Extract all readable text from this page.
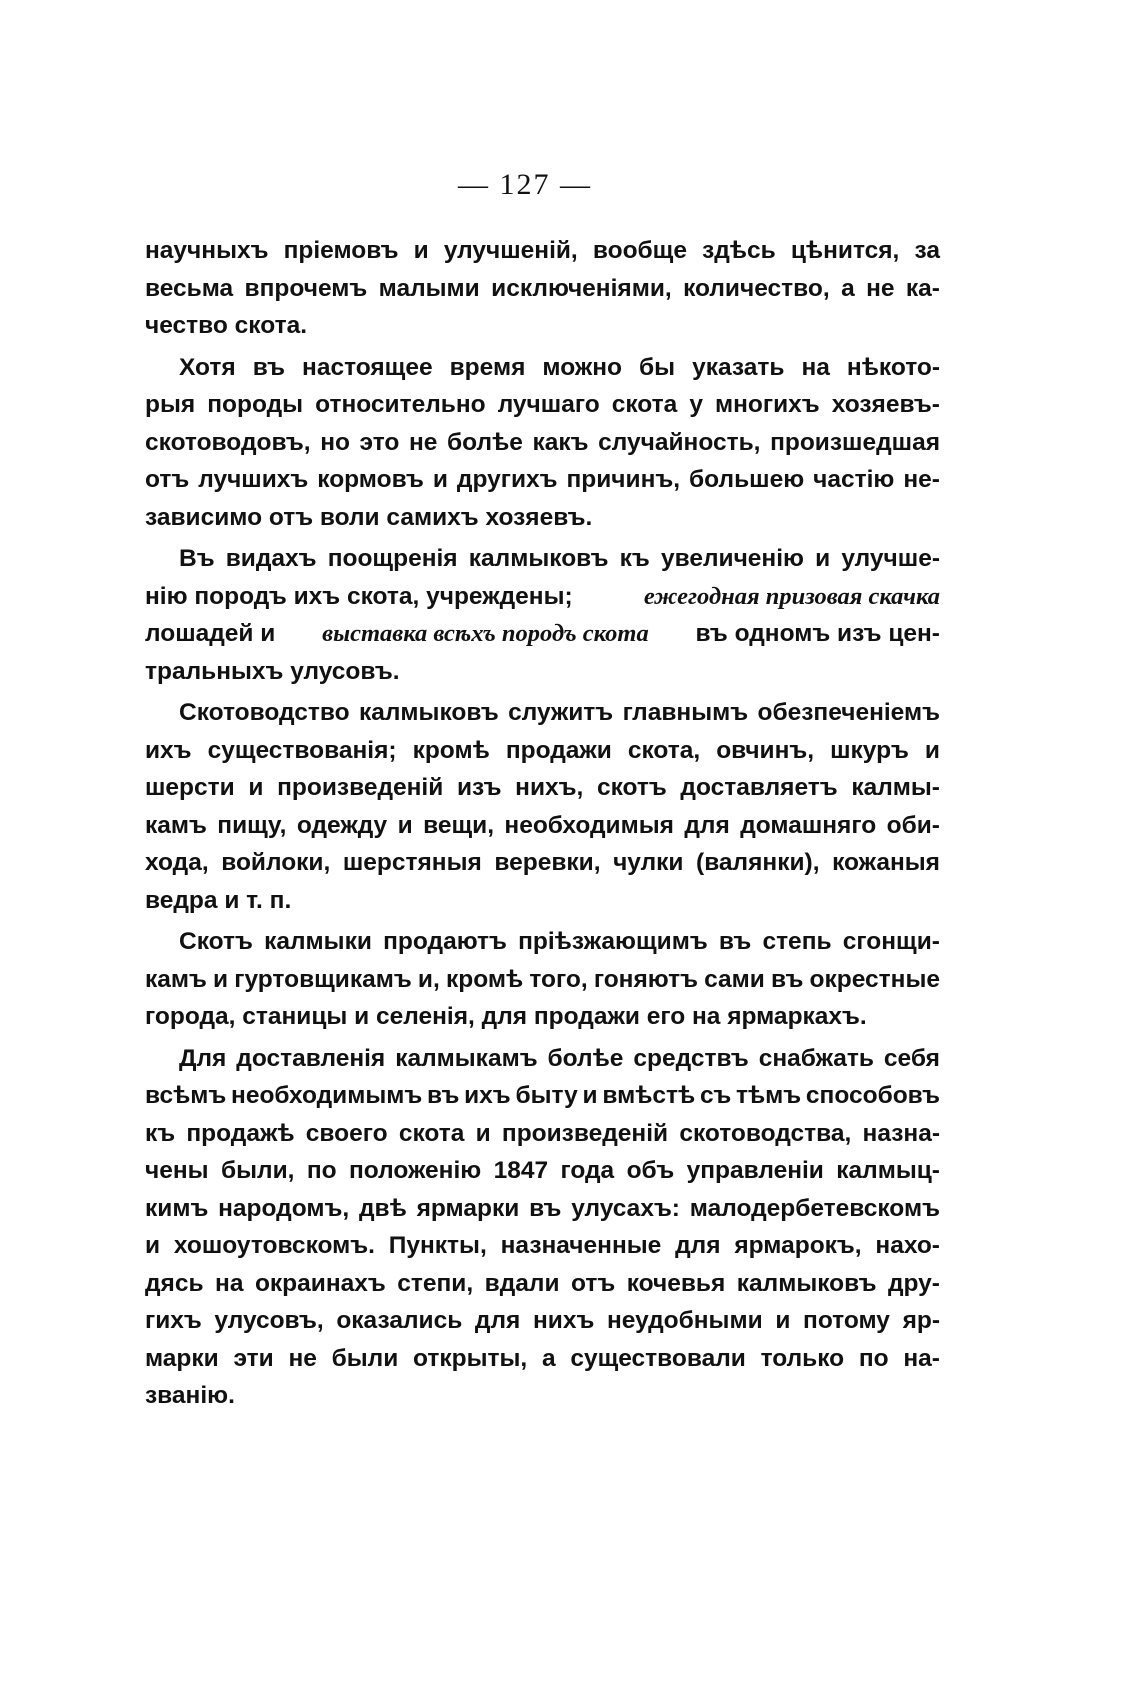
— 127 —
научныхъ пріемовъ и улучшеній, вообще здѣсь цѣнится, за
весьма впрочемъ малыми исключеніями, количество, а не ка-
чество скота.
Хотя въ настоящее время можно бы указать на нѣкото-
рыя породы относительно лучшаго скота у многихъ хозяевъ-
скотоводовъ, но это не болѣе какъ случайность, произшедшая
отъ лучшихъ кормовъ и другихъ причинъ, большею частію не-
зависимо отъ воли самихъ хозяевъ.
Въ видахъ поощренія калмыковъ къ увеличенію и улучше-
нію породъ ихъ скота, учреждены;	ежегодная призовая скачка
лошадей и выставка всѣхъ породъ скота въ одномъ изъ цен-
тральныхъ улусовъ.
Скотоводство калмыковъ служитъ главнымъ обезпеченіемъ
ихъ существованія; кромѣ продажи скота, овчинъ, шкуръ и
шерсти и произведеній изъ нихъ, скотъ доставляетъ калмы-
камъ пищу, одежду и вещи, необходимыя для домашняго оби-
хода, войлоки, шерстяныя веревки, чулки (валянки), кожаныя
ведра и т. п.
Скотъ калмыки продаютъ пріѣзжающимъ въ степь сгонщи-
камъ и гуртовщикамъ и, кромѣ того, гоняютъ сами въ окрестные
города, станицы и селенія, для продажи его на ярмаркахъ.
Для доставленія калмыкамъ болѣе средствъ снабжать себя
всѣмъ необходимымъ въ ихъ быту и вмѣстѣ съ тѣмъ способовъ
къ продажѣ своего скота и произведеній скотоводства, назна-
чены были, по положенію 1847 года объ управленіи калмыц-
кимъ народомъ, двѣ ярмарки въ улусахъ: малодербетевскомъ
и хошоутовскомъ. Пункты, назначенные для ярмарокъ, нахо-
дясь на окраинахъ степи, вдали отъ кочевья калмыковъ дру-
гихъ улусовъ, оказались для нихъ неудобными и потому яр-
марки эти не были открыты, а существовали только по на-
званію.
